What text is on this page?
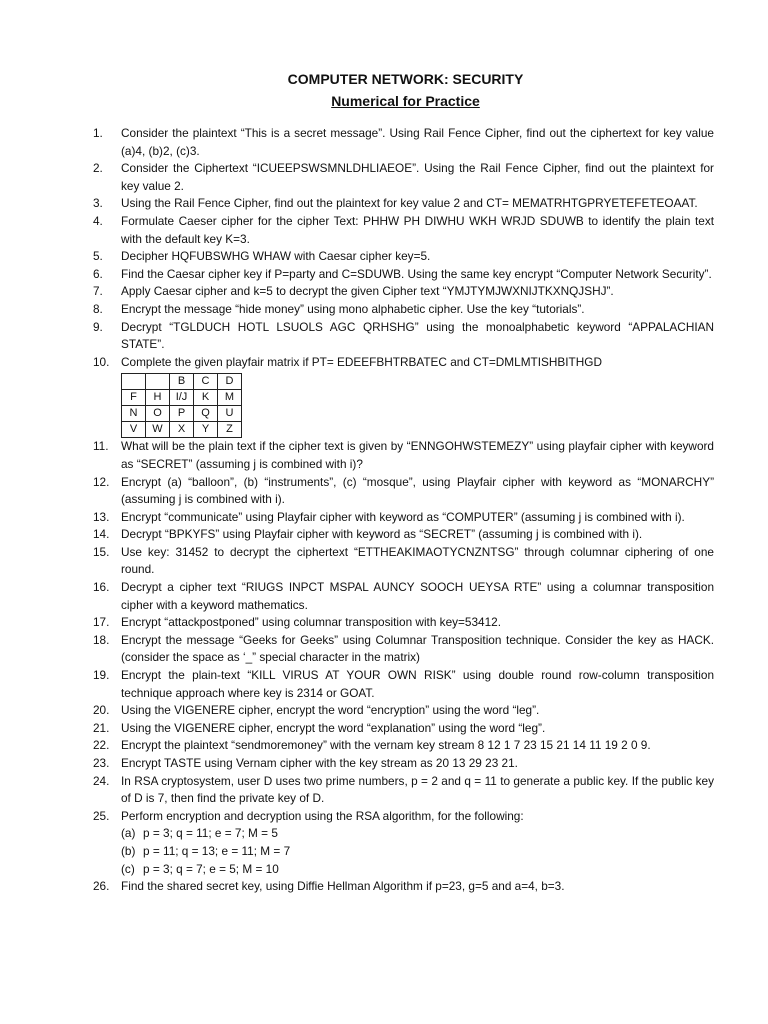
COMPUTER NETWORK: SECURITY
Numerical for Practice
1.	Consider the plaintext “This is a secret message”. Using Rail Fence Cipher, find out the ciphertext for key value (a)4, (b)2, (c)3.
2.	Consider the Ciphertext “ICUEEPSWSMNLDHLIAEOE”. Using the Rail Fence Cipher, find out the plaintext for key value 2.
3.	Using the Rail Fence Cipher, find out the plaintext for key value 2 and CT= MEMATRHTGPRYETEFETEOAAT.
4.	Formulate Caeser cipher for the cipher Text: PHHW PH DIWHU WKH WRJD SDUWB to identify the plain text with the default key K=3.
5.	Decipher HQFUBSWHG WHAW with Caesar cipher key=5.
6.	Find the Caesar cipher key if P=party and C=SDUWB. Using the same key encrypt “Computer Network Security”.
7.	Apply Caesar cipher and k=5 to decrypt the given Cipher text “YMJTYMJWXNIJTKXNQJSHJ”.
8.	Encrypt the message “hide money” using mono alphabetic cipher. Use the key “tutorials”.
9.	Decrypt “TGLDUCH HOTL LSUOLS AGC QRHSHG” using the monoalphabetic keyword “APPALACHIAN STATE”.
10. Complete the given playfair matrix if PT= EDEEFBHTRBATEC and CT=DMLMTISHBITHGD
		B	C	D
F	H	I/J	K	M
N	O	P	Q	U
V	W	X	Y	Z
11.	What will be the plain text if the cipher text is given by “ENNGOHWSTEMEZY” using playfair cipher with keyword as “SECRET” (assuming j is combined with i)?
12. Encrypt (a) “balloon”, (b) “instruments”, (c) “mosque”, using Playfair cipher with keyword as “MONARCHY” (assuming j is combined with i).
13. Encrypt “communicate” using Playfair cipher with keyword as “COMPUTER” (assuming j is combined with i).
14. Decrypt “BPKYFS” using Playfair cipher with keyword as “SECRET” (assuming j is combined with i).
15. Use key: 31452 to decrypt the ciphertext “ETTHEAKIMAOTYCNZNTSG” through columnar ciphering of one round.
16. Decrypt a cipher text “RIUGS INPCT MSPAL AUNCY SOOCH UEYSA RTE” using a columnar transposition cipher with a keyword mathematics.
17. Encrypt “attackpostponed” using columnar transposition with key=53412.
18. Encrypt the message “Geeks for Geeks” using Columnar Transposition technique. Consider the key as HACK. (consider the space as ‘_” special character in the matrix)
19. Encrypt the plain-text “KILL VIRUS AT YOUR OWN RISK” using double round row-column transposition technique approach where key is 2314 or GOAT.
20. Using the VIGENERE cipher, encrypt the word “encryption” using the word “leg”.
21. Using the VIGENERE cipher, encrypt the word “explanation” using the word “leg”.
22. Encrypt the plaintext “sendmoremoney” with the vernam key stream 8 12 1 7 23 15 21 14 11 19 2 0 9.
23. Encrypt TASTE using Vernam cipher with the key stream as 20 13 29 23 21.
24. In RSA cryptosystem, user D uses two prime numbers, p = 2 and q = 11 to generate a public key. If the public key of D is 7, then find the private key of D.
25. Perform encryption and decryption using the RSA algorithm, for the following:
(a) p = 3; q = 11; e = 7; M = 5
(b) p = 11; q = 13; e = 11; M = 7
(c) p = 3; q = 7; e = 5; M = 10
26. Find the shared secret key, using Diffie Hellman Algorithm if p=23, g=5 and a=4, b=3.
